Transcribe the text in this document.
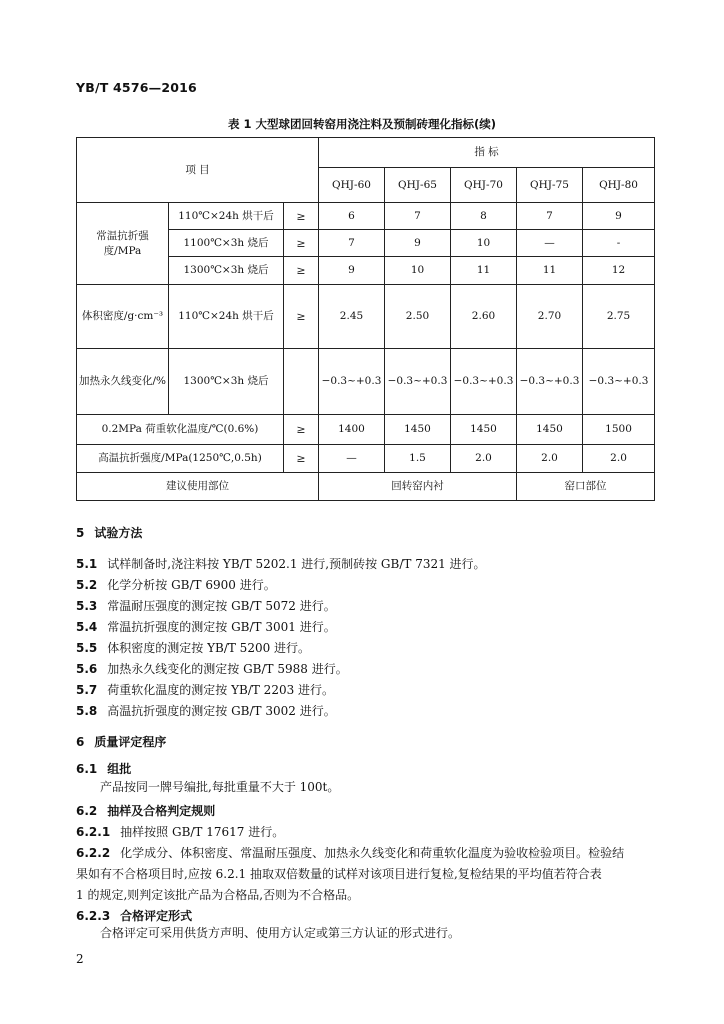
YB/T 4576—2016
表 1 大型球团回转窑用浇注料及预制砖理化指标(续)
项 目			指 标				
			QHJ-60	QHJ-65	QHJ-70	QHJ-75	QHJ-80
常温抗折强度/MPa	110℃×24h 烘干后	≥	6	7	8	7	9
	1100℃×3h 烧后	≥	7	9	10	—	-
	1300℃×3h 烧后	≥	9	10	11	11	12
体积密度/g·cm⁻³	110℃×24h 烘干后	≥	2.45	2.50	2.60	2.70	2.75
加热永久线变化/%	1300℃×3h 烧后		−0.3~+0.3	−0.3~+0.3	−0.3~+0.3	−0.3~+0.3	−0.3~+0.3
0.2MPa 荷重软化温度/℃(0.6%)		≥	1400	1450	1450	1450	1500
高温抗折强度/MPa(1250℃,0.5h)		≥	—	1.5	2.0	2.0	2.0
建议使用部位			回转窑内衬			窑口部位	
5 试验方法
5.1 试样制备时,浇注料按 YB/T 5202.1 进行,预制砖按 GB/T 7321 进行。
5.2 化学分析按 GB/T 6900 进行。
5.3 常温耐压强度的测定按 GB/T 5072 进行。
5.4 常温抗折强度的测定按 GB/T 3001 进行。
5.5 体积密度的测定按 YB/T 5200 进行。
5.6 加热永久线变化的测定按 GB/T 5988 进行。
5.7 荷重软化温度的测定按 YB/T 2203 进行。
5.8 高温抗折强度的测定按 GB/T 3002 进行。
6 质量评定程序
6.1 组批
产品按同一牌号编批,每批重量不大于 100t。
6.2 抽样及合格判定规则
6.2.1 抽样按照 GB/T 17617 进行。
6.2.2 化学成分、体积密度、常温耐压强度、加热永久线变化和荷重软化温度为验收检验项目。检验结
果如有不合格项目时,应按 6.2.1 抽取双倍数量的试样对该项目进行复检,复检结果的平均值若符合表
1 的规定,则判定该批产品为合格品,否则为不合格品。
6.2.3 合格评定形式
合格评定可采用供货方声明、使用方认定或第三方认证的形式进行。
2
